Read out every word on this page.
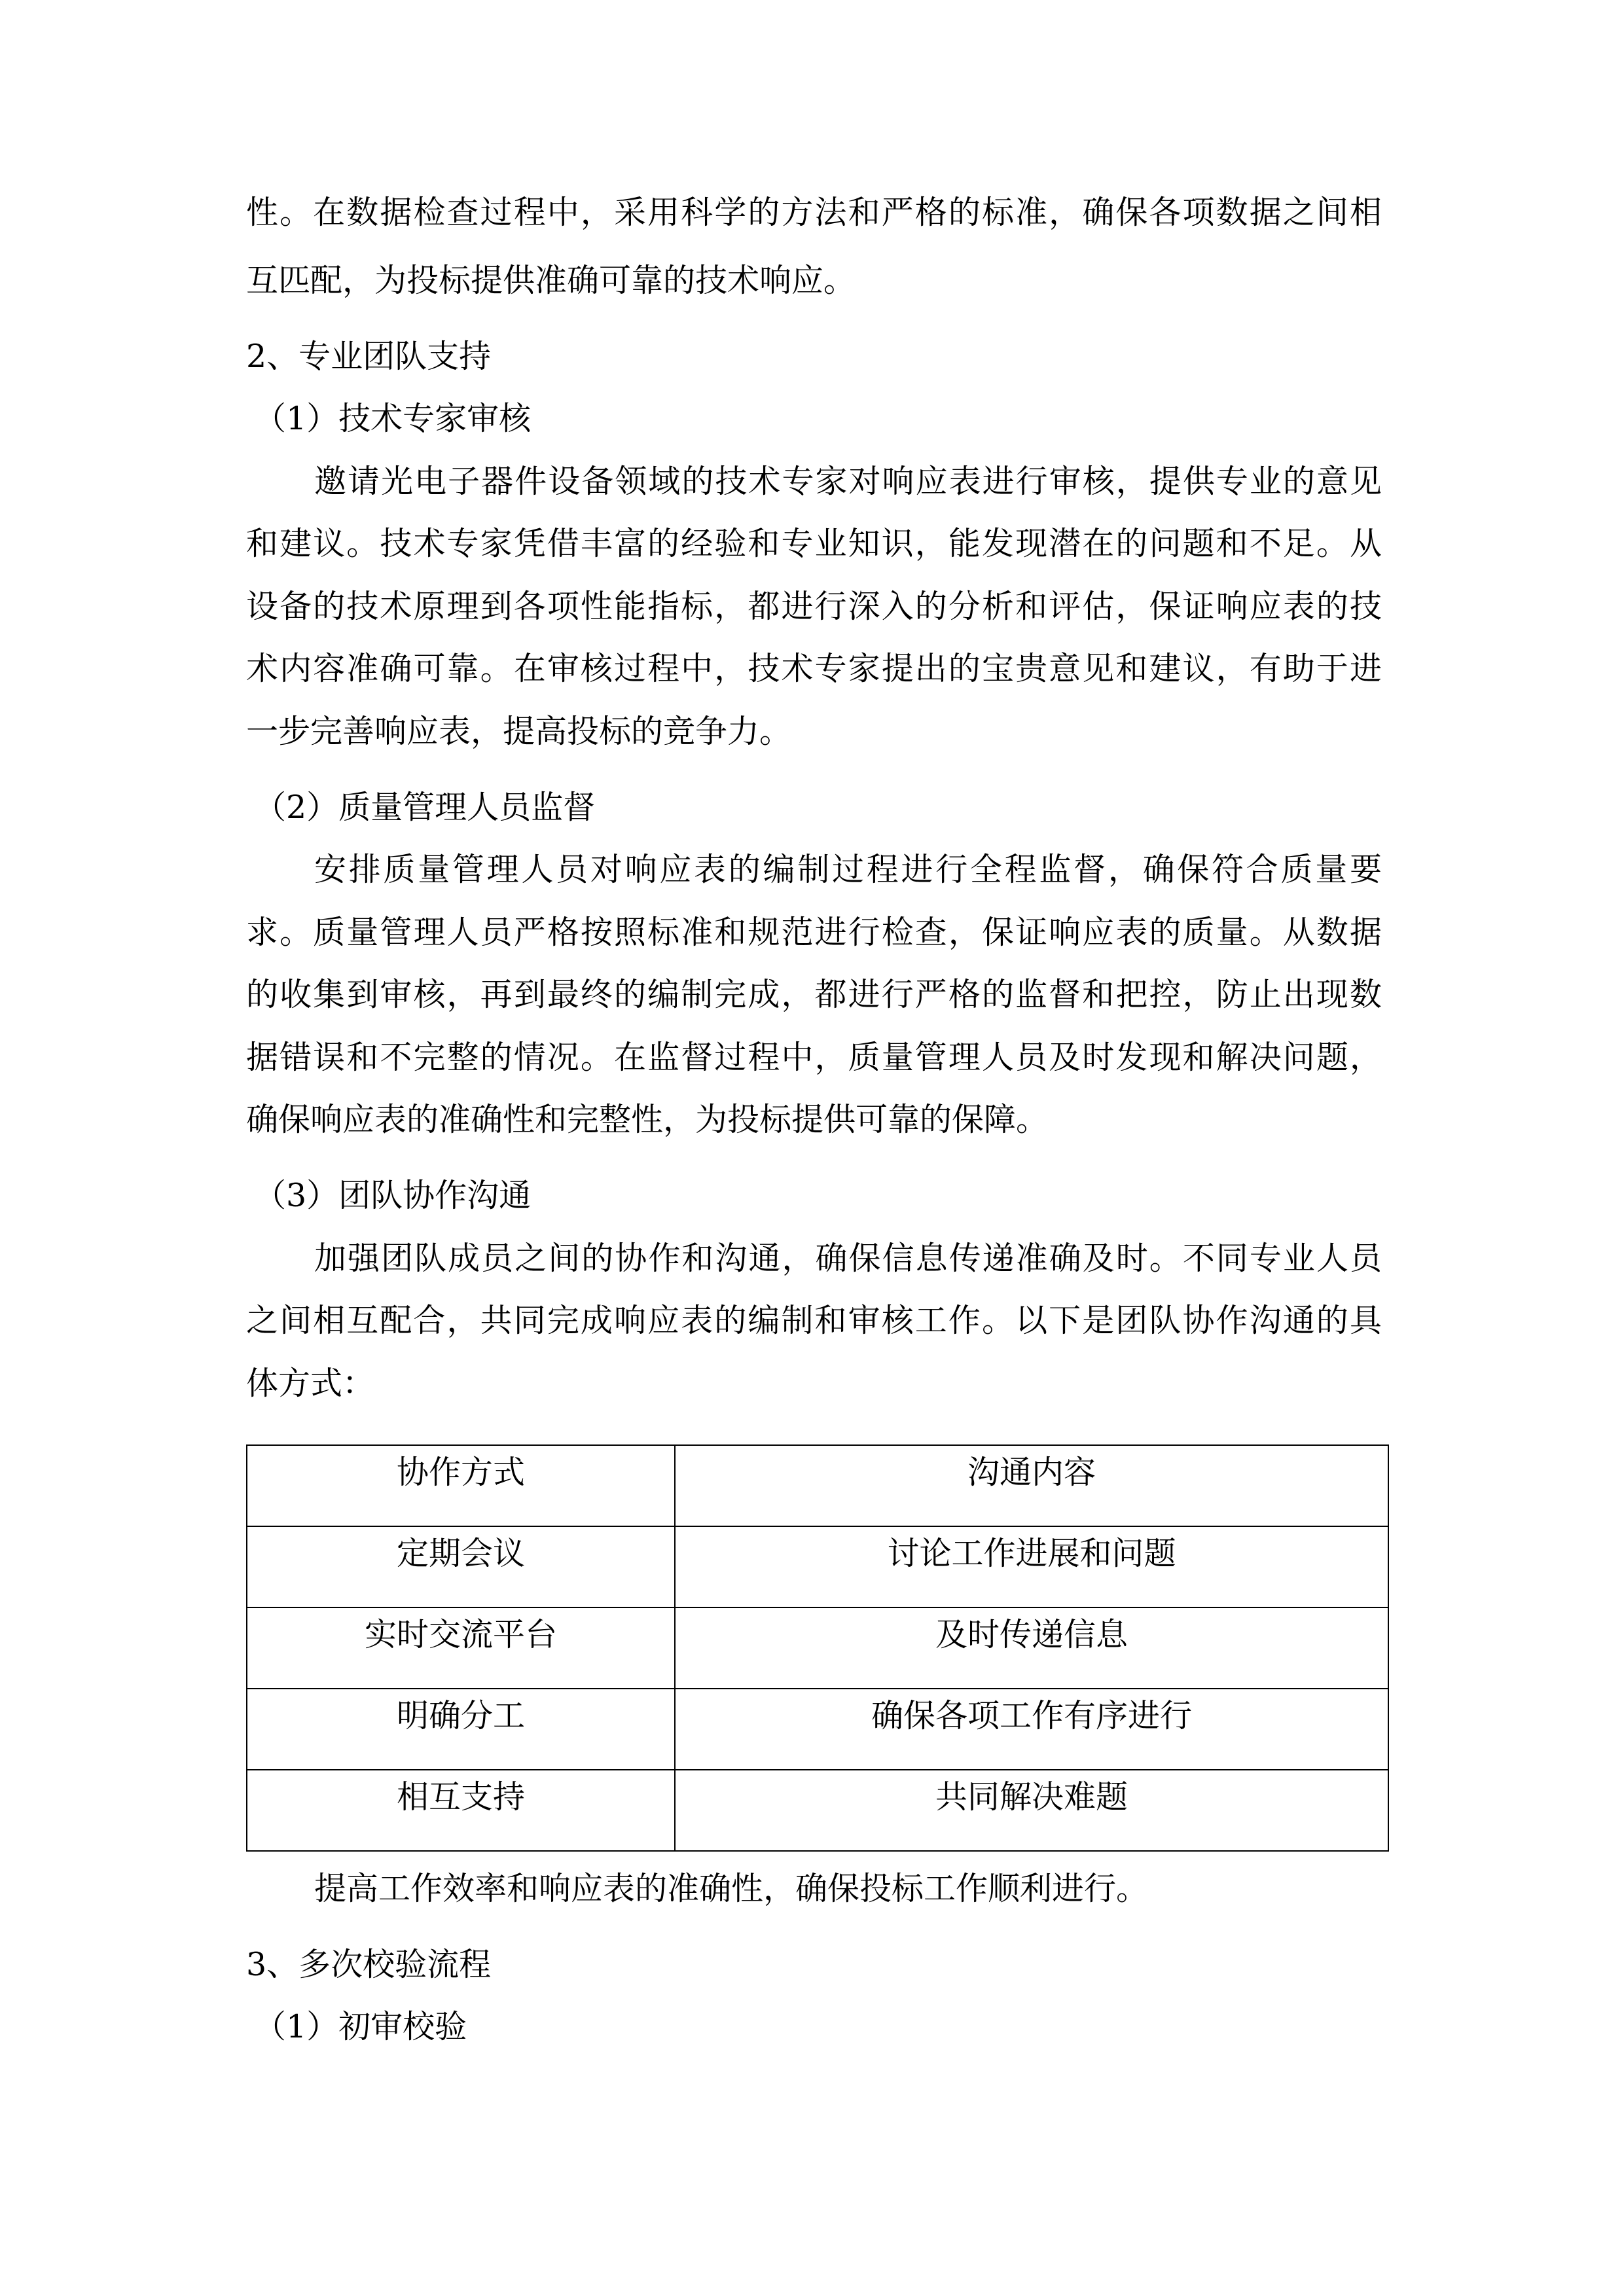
性。在数据检查过程中，采用科学的方法和严格的标准，确保各项数据之间相

互匹配，为投标提供准确可靠的技术响应。

2、专业团队支持

（1）技术专家审核

邀请光电子器件设备领域的技术专家对响应表进行审核，提供专业的意见

和建议。技术专家凭借丰富的经验和专业知识，能发现潜在的问题和不足。从

设备的技术原理到各项性能指标，都进行深入的分析和评估，保证响应表的技

术内容准确可靠。在审核过程中，技术专家提出的宝贵意见和建议，有助于进

一步完善响应表，提高投标的竞争力。

（2）质量管理人员监督

安排质量管理人员对响应表的编制过程进行全程监督，确保符合质量要

求。质量管理人员严格按照标准和规范进行检查，保证响应表的质量。从数据

的收集到审核，再到最终的编制完成，都进行严格的监督和把控，防止出现数

据错误和不完整的情况。在监督过程中，质量管理人员及时发现和解决问题，

确保响应表的准确性和完整性，为投标提供可靠的保障。

（3）团队协作沟通

加强团队成员之间的协作和沟通，确保信息传递准确及时。不同专业人员

之间相互配合，共同完成响应表的编制和审核工作。以下是团队协作沟通的具

体方式：

协作方式	沟通内容
定期会议	讨论工作进展和问题
实时交流平台	及时传递信息
明确分工	确保各项工作有序进行
相互支持	共同解决难题

提高工作效率和响应表的准确性，确保投标工作顺利进行。

3、多次校验流程

（1）初审校验
